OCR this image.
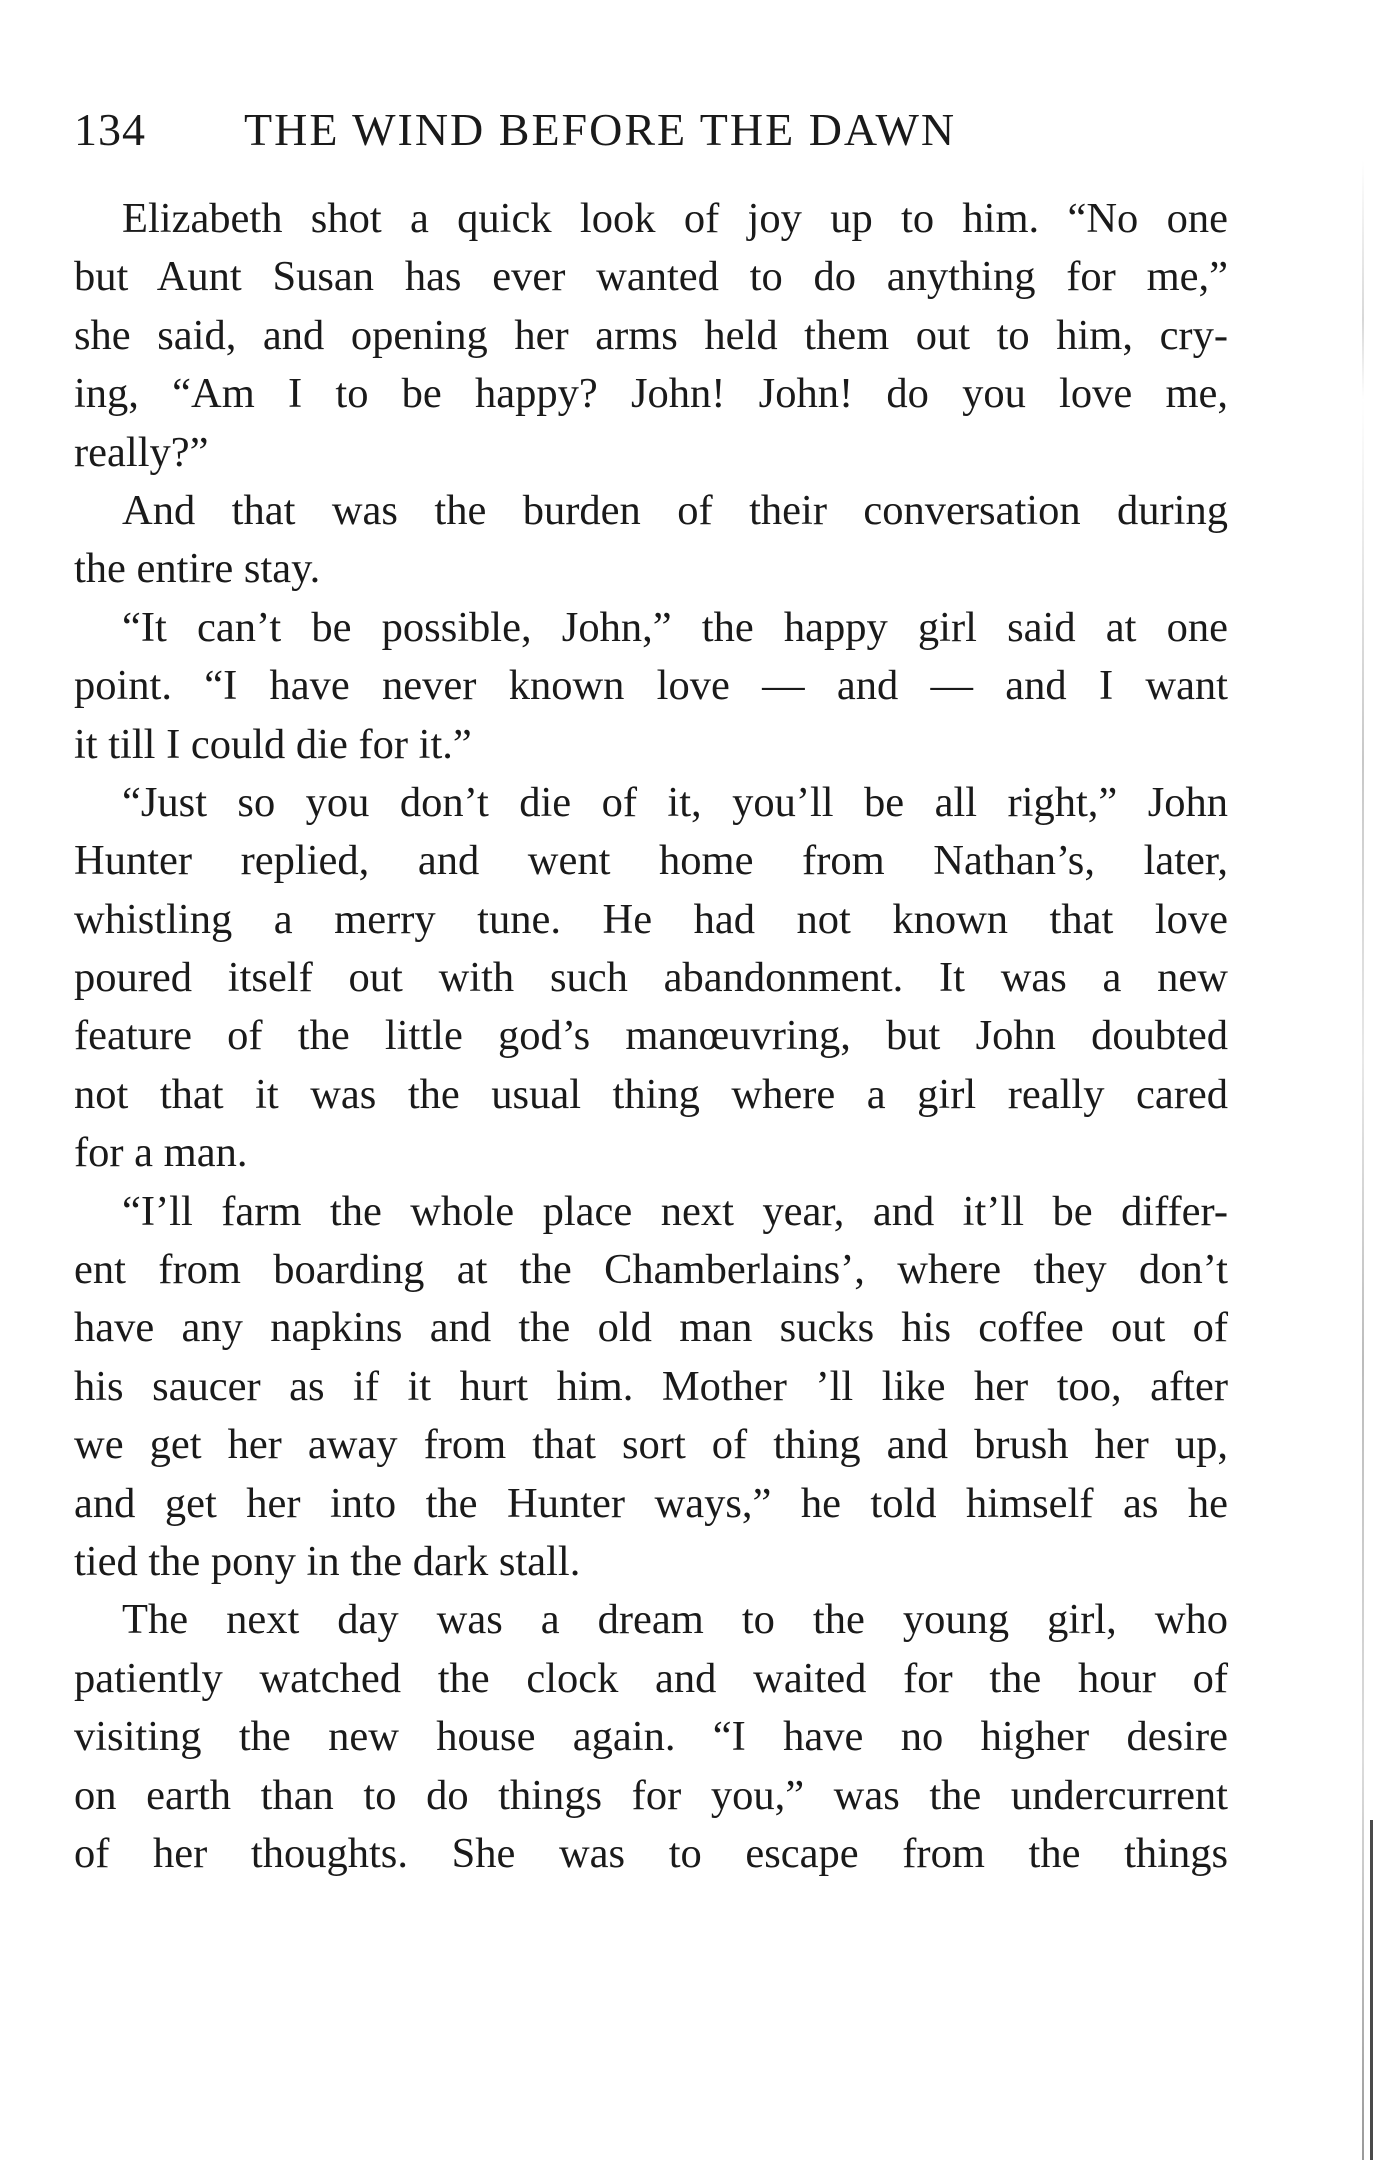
134 THE WIND BEFORE THE DAWN
Elizabeth shot a quick look of joy up to him. “No one
but Aunt Susan has ever wanted to do anything for me,”
she said, and opening her arms held them out to him, cry-
ing, “Am I to be happy? John! John! do you love me,
really?”
And that was the burden of their conversation during
the entire stay.
“It can’t be possible, John,” the happy girl said at one
point. “I have never known love — and — and I want
it till I could die for it.”
“Just so you don’t die of it, you’ll be all right,” John
Hunter replied, and went home from Nathan’s, later,
whistling a merry tune. He had not known that love
poured itself out with such abandonment. It was a new
feature of the little god’s manœuvring, but John doubted
not that it was the usual thing where a girl really cared
for a man.
“I’ll farm the whole place next year, and it’ll be differ-
ent from boarding at the Chamberlains’, where they don’t
have any napkins and the old man sucks his coffee out of
his saucer as if it hurt him. Mother ’ll like her too, after
we get her away from that sort of thing and brush her up,
and get her into the Hunter ways,” he told himself as he
tied the pony in the dark stall.
The next day was a dream to the young girl, who
patiently watched the clock and waited for the hour of
visiting the new house again. “I have no higher desire
on earth than to do things for you,” was the undercurrent
of her thoughts. She was to escape from the things
